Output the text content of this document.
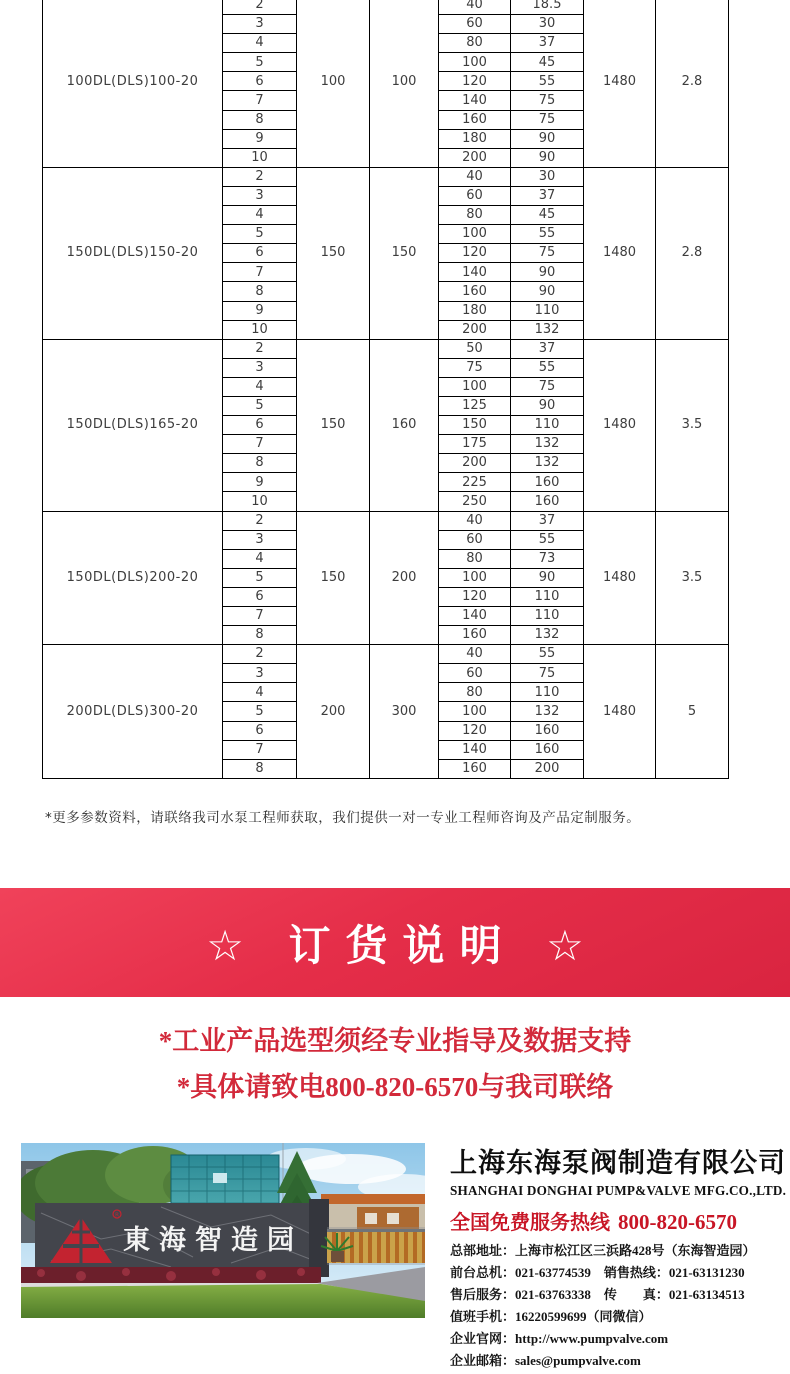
100DL(DLS)100-20	2	100	100	40	18.5	1480	2.8
	3			60	30		
	4			80	37		
	5			100	45		
	6			120	55		
	7			140	75		
	8			160	75		
	9			180	90		
	10			200	90		
150DL(DLS)150-20	2	150	150	40	30	1480	2.8
	3			60	37		
	4			80	45		
	5			100	55		
	6			120	75		
	7			140	90		
	8			160	90		
	9			180	110		
	10			200	132		
150DL(DLS)165-20	2	150	160	50	37	1480	3.5
	3			75	55		
	4			100	75		
	5			125	90		
	6			150	110		
	7			175	132		
	8			200	132		
	9			225	160		
	10			250	160		
150DL(DLS)200-20	2	150	200	40	37	1480	3.5
	3			60	55		
	4			80	73		
	5			100	90		
	6			120	110		
	7			140	110		
	8			160	132		
200DL(DLS)300-20	2	200	300	40	55	1480	5
	3			60	75		
	4			80	110		
	5			100	132		
	6			120	160		
	7			140	160		
	8			160	200		
*更多参数资料，请联络我司水泵工程师获取，我们提供一对一专业工程师咨询及产品定制服务。
☆ 订货说明 ☆
*工业产品选型须经专业指导及数据支持
*具体请致电800-820-6570与我司联络
東海智造园
R
上海东海泵阀制造有限公司
SHANGHAI DONGHAI PUMP&VALVE MFG.CO.,LTD.
全国免费服务热线 800-820-6570
总部地址：上海市松江区三浜路428号（东海智造园）
前台总机：021-63774539　销售热线：021-63131230
售后服务：021-63763338　传　　真：021-63134513
值班手机：16220599699（同微信）
企业官网：http://www.pumpvalve.com
企业邮箱：sales@pumpvalve.com
